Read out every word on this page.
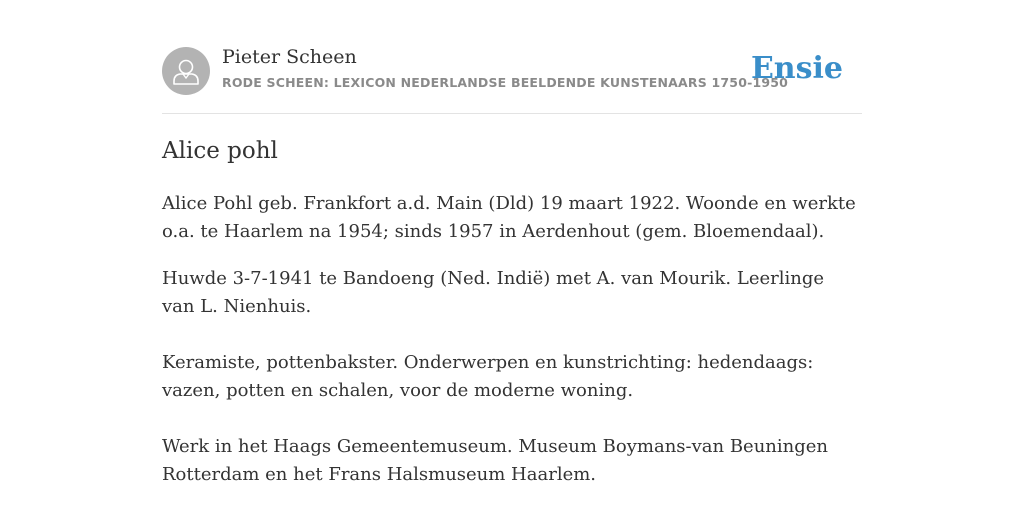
Pieter Scheen
RODE SCHEEN: LEXICON NEDERLANDSE BEELDENDE KUNSTENAARS 1750-1950
Ensie
Alice pohl

Alice Pohl geb. Frankfort a.d. Main (Dld) 19 maart 1922. Woonde en werkte o.a. te Haarlem na 1954; sinds 1957 in Aerdenhout (gem. Bloemendaal).

Huwde 3-7-1941 te Bandoeng (Ned. Indië) met A. van Mourik. Leerlinge van L. Nienhuis.

Keramiste, pottenbakster. Onderwerpen en kunstrichting: hedendaags: vazen, potten en schalen, voor de moderne woning.

Werk in het Haags Gemeentemuseum. Museum Boymans-van Beuningen Rotterdam en het Frans Halsmuseum Haarlem.
